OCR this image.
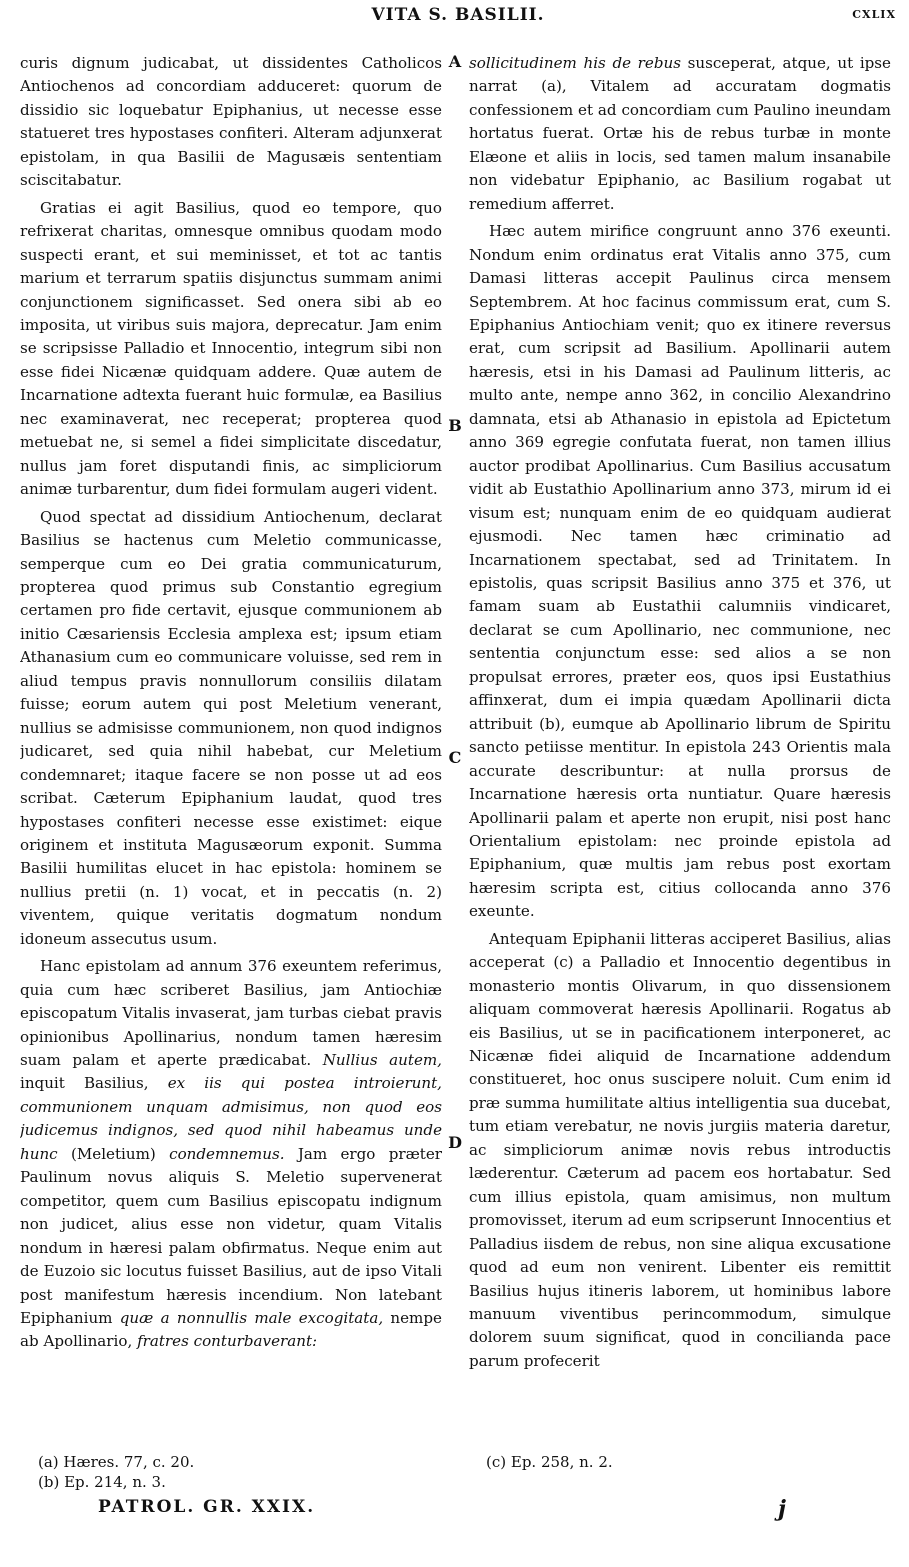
VITA S. BASILII.	CXLIX

curis dignum judicabat, ut dissidentes Catholicos Antiochenos ad concordiam adduceret: quorum de dissidio sic loquebatur Epiphanius, ut necesse esse statueret tres hypostases confiteri. Alteram adjunxerat epistolam, in qua Basilii de Magusæis sententiam sciscitabatur.

Gratias ei agit Basilius, quod eo tempore, quo refrixerat charitas, omnesque omnibus quodam modo suspecti erant, et sui meminisset, et tot ac tantis marium et terrarum spatiis disjunctus summam animi conjunctionem significasset. Sed onera sibi ab eo imposita, ut viribus suis majora, deprecatur. Jam enim se scripsisse Palladio et Innocentio, integrum sibi non esse fidei Nicænæ quidquam addere. Quæ autem de Incarnatione adtexta fuerant huic formulæ, ea Basilius nec examinaverat, nec receperat; propterea quod metuebat ne, si semel a fidei simplicitate discedatur, nullus jam foret disputandi finis, ac simpliciorum animæ turbarentur, dum fidei formulam augeri vident.

Quod spectat ad dissidium Antiochenum, declarat Basilius se hactenus cum Meletio communicasse, semperque cum eo Dei gratia communicaturum, propterea quod primus sub Constantio egregium certamen pro fide certavit, ejusque communionem ab initio Cæsariensis Ecclesia amplexa est; ipsum etiam Athanasium cum eo communicare voluisse, sed rem in aliud tempus pravis nonnullorum consiliis dilatam fuisse; eorum autem qui post Meletium venerant, nullius se admisisse communionem, non quod indignos judicaret, sed quia nihil habebat, cur Meletium condemnaret; itaque facere se non posse ut ad eos scribat. Cæterum Epiphanium laudat, quod tres hypostases confiteri necesse esse existimet: eique originem et instituta Magusæorum exponit. Summa Basilii humilitas elucet in hac epistola: hominem se nullius pretii (n. 1) vocat, et in peccatis (n. 2) viventem, quique veritatis dogmatum nondum idoneum assecutus usum.

Hanc epistolam ad annum 376 exeuntem referimus, quia cum hæc scriberet Basilius, jam Antiochiæ episcopatum Vitalis invaserat, jam turbas ciebat pravis opinionibus Apollinarius, nondum tamen hæresim suam palam et aperte prædicabat. Nullius autem, inquit Basilius, ex iis qui postea introierunt, communionem unquam admisimus, non quod eos judicemus indignos, sed quod nihil habeamus unde hunc (Meletium) condemnemus. Jam ergo præter Paulinum novus aliquis S. Meletio supervenerat competitor, quem cum Basilius episcopatu indignum non judicet, alius esse non videtur, quam Vitalis nondum in hæresi palam obfirmatus. Neque enim aut de Euzoio sic locutus fuisset Basilius, aut de ipso Vitali post manifestum hæresis incendium. Non latebant Epiphanium quæ a nonnullis male excogitata, nempe ab Apollinario, fratres conturbaverant:

sollicitudinem his de rebus susceperat, atque, ut ipse narrat (a), Vitalem ad accuratam dogmatis confessionem et ad concordiam cum Paulino ineundam hortatus fuerat. Ortæ his de rebus turbæ in monte Elæone et aliis in locis, sed tamen malum insanabile non videbatur Epiphanio, ac Basilium rogabat ut remedium afferret.

Hæc autem mirifice congruunt anno 376 exeunti. Nondum enim ordinatus erat Vitalis anno 375, cum Damasi litteras accepit Paulinus circa mensem Septembrem. At hoc facinus commissum erat, cum S. Epiphanius Antiochiam venit; quo ex itinere reversus erat, cum scripsit ad Basilium. Apollinarii autem hæresis, etsi in his Damasi ad Paulinum litteris, ac multo ante, nempe anno 362, in concilio Alexandrino damnata, etsi ab Athanasio in epistola ad Epictetum anno 369 egregie confutata fuerat, non tamen illius auctor prodibat Apollinarius. Cum Basilius accusatum vidit ab Eustathio Apollinarium anno 373, mirum id ei visum est; nunquam enim de eo quidquam audierat ejusmodi. Nec tamen hæc criminatio ad Incarnationem spectabat, sed ad Trinitatem. In epistolis, quas scripsit Basilius anno 375 et 376, ut famam suam ab Eustathii calumniis vindicaret, declarat se cum Apollinario, nec communione, nec sententia conjunctum esse: sed alios a se non propulsat errores, præter eos, quos ipsi Eustathius affinxerat, dum ei impia quædam Apollinarii dicta attribuit (b), eumque ab Apollinario librum de Spiritu sancto petiisse mentitur. In epistola 243 Orientis mala accurate describuntur: at nulla prorsus de Incarnatione hæresis orta nuntiatur. Quare hæresis Apollinarii palam et aperte non erupit, nisi post hanc Orientalium epistolam: nec proinde epistola ad Epiphanium, quæ multis jam rebus post exortam hæresim scripta est, citius collocanda anno 376 exeunte.

Antequam Epiphanii litteras acciperet Basilius, alias acceperat (c) a Palladio et Innocentio degentibus in monasterio montis Olivarum, in quo dissensionem aliquam commoverat hæresis Apollinarii. Rogatus ab eis Basilius, ut se in pacificationem interponeret, ac Nicænæ fidei aliquid de Incarnatione addendum constitueret, hoc onus suscipere noluit. Cum enim id præ summa humilitate altius intelligentia sua ducebat, tum etiam verebatur, ne novis jurgiis materia daretur, ac simpliciorum animæ novis rebus introductis læderentur. Cæterum ad pacem eos hortabatur. Sed cum illius epistola, quam amisimus, non multum promovisset, iterum ad eum scripserunt Innocentius et Palladius iisdem de rebus, non sine aliqua excusatione quod ad eum non venirent. Libenter eis remittit Basilius hujus itineris laborem, ut hominibus labore manuum viventibus perincommodum, simulque dolorem suum significat, quod in concilianda pace parum profecerit

A
B
C
D
(a) Hæres. 77, c. 20.
(b) Ep. 214, n. 3.
(c) Ep. 258, n. 2.
PATROL. GR. XXIX.	j
